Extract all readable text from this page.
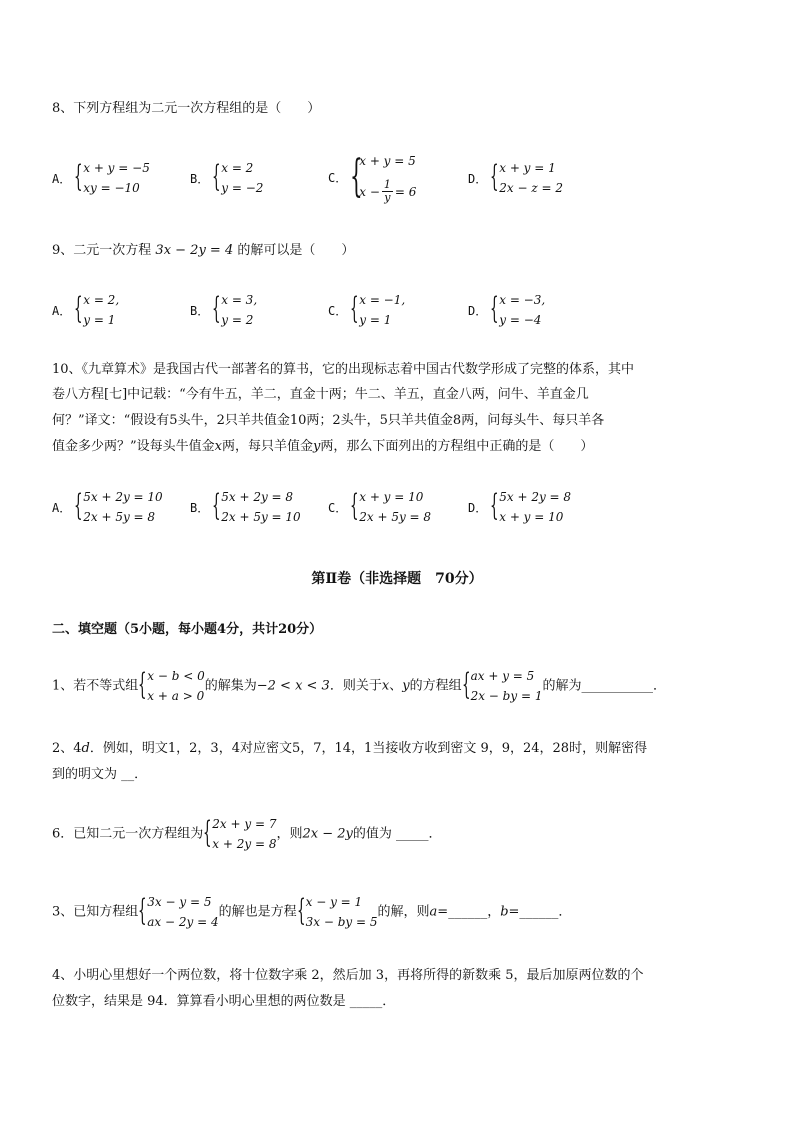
8、下列方程组为二元一次方程组的是（　　）
A． { x + y = −5
xy = −10
B． { x = 2
y = −2
C． {
x + y = 5
$x - \frac{1}{y} = 6$
D． { x + y = 1
2x − z = 2
9、二元一次方程 3x − 2y = 4 的解可以是（　　）
A． { x = 2,
y = 1
B． { x = 3,
y = 2
C． { x = −1,
y = 1
D． { x = −3,
y = −4
10、《九章算术》是我国古代一部著名的算书，它的出现标志着中国古代数学形成了完整的体系，其中
卷八方程[七]中记载：“今有牛五，羊二，直金十两；牛二、羊五，直金八两，问牛、羊直金几
何？”译文：“假设有5头牛，2只羊共值金10两；2头牛，5只羊共值金8两，问每头牛、每只羊各
值金多少两？”设每头牛值金x两，每只羊值金y两，那么下面列出的方程组中正确的是（　　）
A． { 5x + 2y = 10
2x + 5y = 8
B． { 5x + 2y = 8
2x + 5y = 10
C． { x + y = 10
2x + 5y = 8
D． { 5x + 2y = 8
x + y = 10
第Ⅱ卷（非选择题　70分）
二、填空题（5小题，每小题4分，共计20分）
1、若不等式组 { x − b < 0
x + a > 0
的解集为−2 < x < 3．则关于x、y的方程组 { ax + y = 5
2x − by = 1
的解为___________．
2、4d．例如，明文1，2，3，4对应密文5，7，14，1当接收方收到密文 9，9，24，28时，则解密得
到的明文为 __．
6．已知二元一次方程组为 { 2x + y = 7
x + 2y = 8
，则2x − 2y的值为 _____．
3、已知方程组 { 3x − y = 5
ax − 2y = 4
的解也是方程 { x − y = 1
3x − by = 5
的解，则a=______，b=______．
4、小明心里想好一个两位数，将十位数字乘 2，然后加 3，再将所得的新数乘 5，最后加原两位数的个
位数字，结果是 94．算算看小明心里想的两位数是 _____．
